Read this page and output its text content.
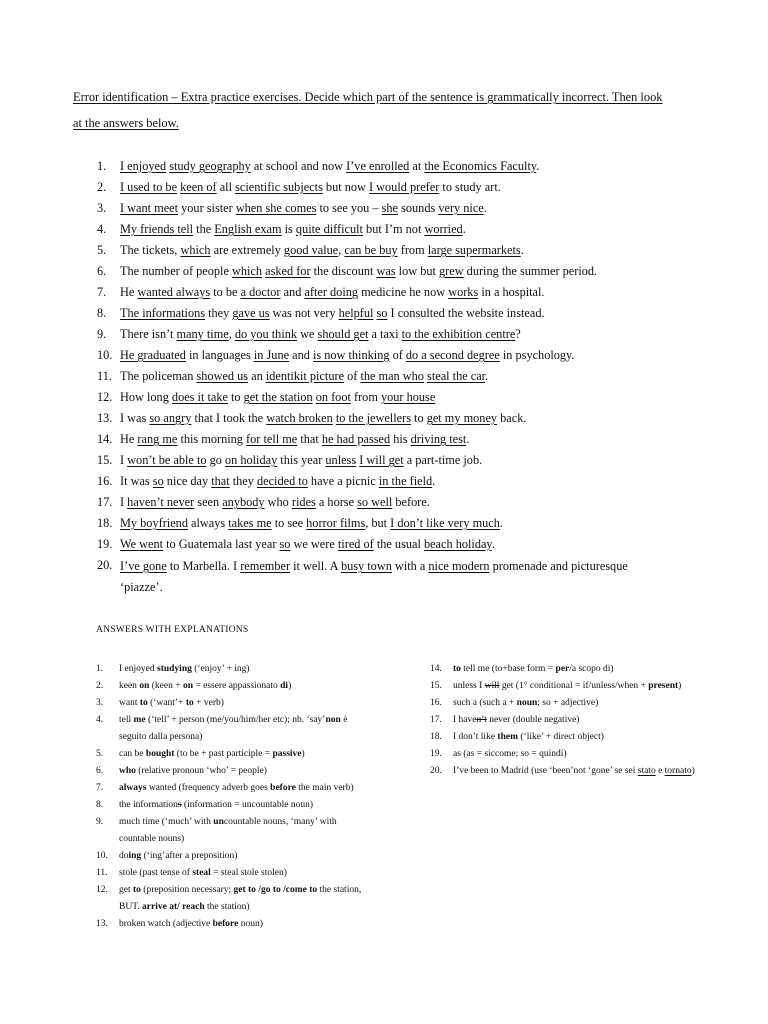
Error identification – Extra practice exercises. Decide which part of the sentence is grammatically incorrect. Then look
at the answers below.
1. I enjoyed study geography at school and now I’ve enrolled at the Economics Faculty.
2. I used to be keen of all scientific subjects but now I would prefer to study art.
3. I want meet your sister when she comes to see you – she sounds very nice.
4. My friends tell the English exam is quite difficult but I’m not worried.
5. The tickets, which are extremely good value, can be buy from large supermarkets.
6. The number of people which asked for the discount was low but grew during the summer period.
7. He wanted always to be a doctor and after doing medicine he now works in a hospital.
8. The informations they gave us was not very helpful so I consulted the website instead.
9. There isn’t many time, do you think we should get a taxi to the exhibition centre?
10. He graduated in languages in June and is now thinking of do a second degree in psychology.
11. The policeman showed us an identikit picture of the man who steal the car.
12. How long does it take to get the station on foot from your house
13. I was so angry that I took the watch broken to the jewellers to get my money back.
14. He rang me this morning for tell me that he had passed his driving test.
15. I won’t be able to go on holiday this year unless I will get a part-time job.
16. It was so nice day that they decided to have a picnic in the field.
17. I haven’t never seen anybody who rides a horse so well before.
18. My boyfriend always takes me to see horror films, but I don’t like very much.
19. We went to Guatemala last year so we were tired of the usual beach holiday.
20. I’ve gone to Marbella. I remember it well. A busy town with a nice modern promenade and picturesque ‘piazze’.
ANSWERS WITH EXPLANATIONS
1. I enjoyed studying (‘enjoy’ + ing)
2. keen on (keen + on = essere appassionato di)
3. want to (‘want’+ to + verb)
4. tell me (‘tell’ + person (me/you/him/her etc); nb. ‘say’non è seguito dalla persona)
5. can be bought (to be + past participle = passive)
6. who (relative pronoun ‘who’ = people)
7. always wanted (frequency adverb goes before the main verb)
8. the informations (information = uncountable noun)
9. much time (‘much’ with uncountable nouns, ‘many’ with countable nouns)
10. doing (‘ing’after a preposition)
11. stole (past tense of steal = steal stole stolen)
12. get to (preposition necessary; get to /go to /come to the station, BUT. arrive at/ reach the station)
13. broken watch (adjective before noun)
14. to tell me (to+base form = per/a scopo di)
15. unless I will get (1° conditional = if/unless/when + present)
16. such a (such a + noun; so + adjective)
17. I haven’t never (double negative)
18. I don’t like them (‘like’ + direct object)
19. as (as = siccome; so = quindi)
20. I’ve been to Madrid (use ‘been’not ‘gone’ se sei stato e tornato)
